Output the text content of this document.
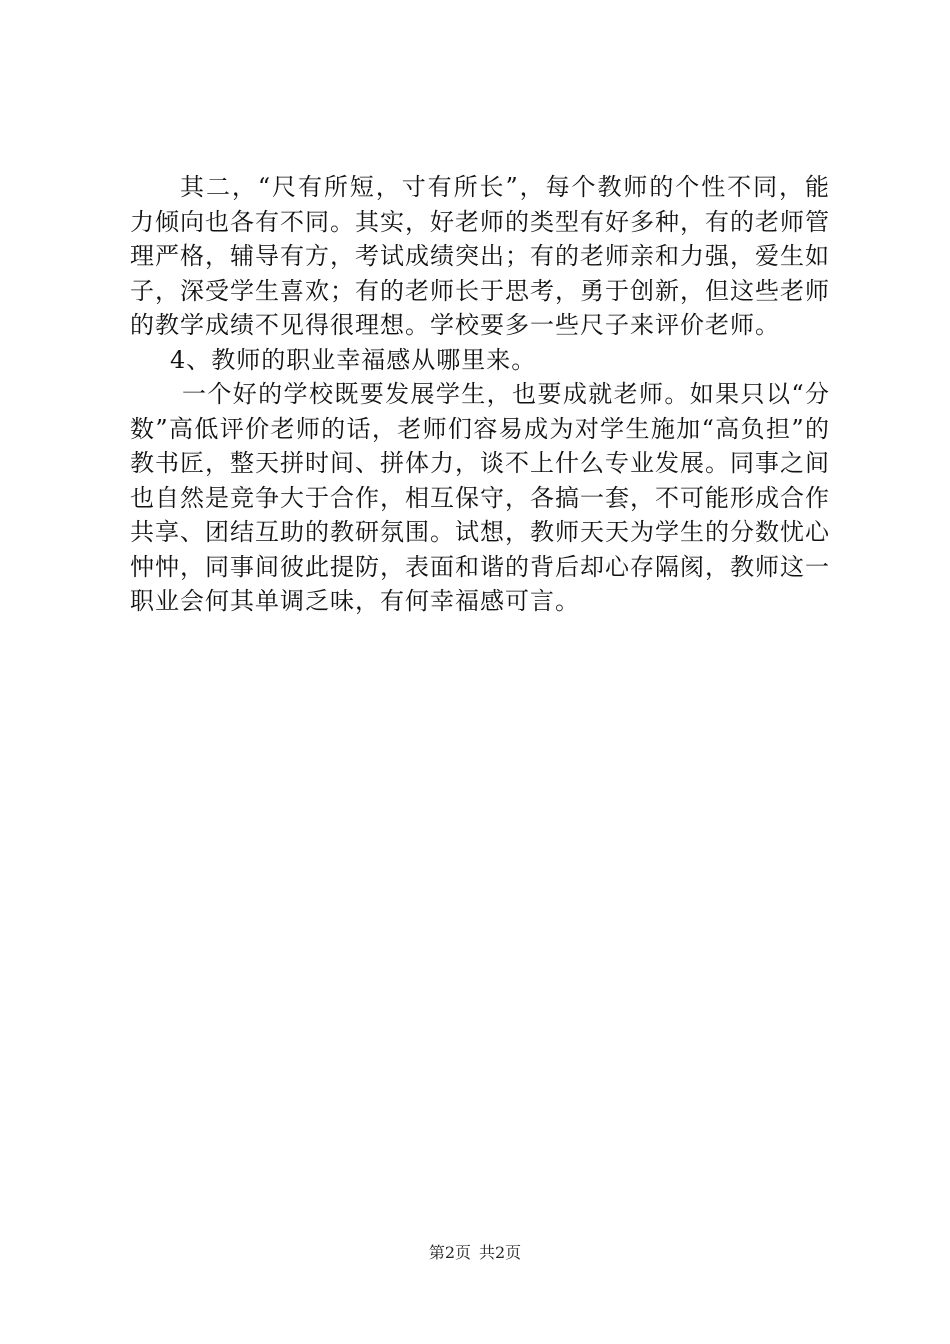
其二，“尺有所短，寸有所长”，每个教师的个性不同，能力倾向也各有不同。其实，好老师的类型有好多种，有的老师管理严格，辅导有方，考试成绩突出；有的老师亲和力强，爱生如子，深受学生喜欢；有的老师长于思考，勇于创新，但这些老师的教学成绩不见得很理想。学校要多一些尺子来评价老师。

4、教师的职业幸福感从哪里来。

一个好的学校既要发展学生，也要成就老师。如果只以“分数”高低评价老师的话，老师们容易成为对学生施加“高负担”的教书匠，整天拼时间、拼体力，谈不上什么专业发展。同事之间也自然是竞争大于合作，相互保守，各搞一套，不可能形成合作共享、团结互助的教研氛围。试想，教师天天为学生的分数忧心忡忡，同事间彼此提防，表面和谐的背后却心存隔阂，教师这一职业会何其单调乏味，有何幸福感可言。

第2页 共2页
